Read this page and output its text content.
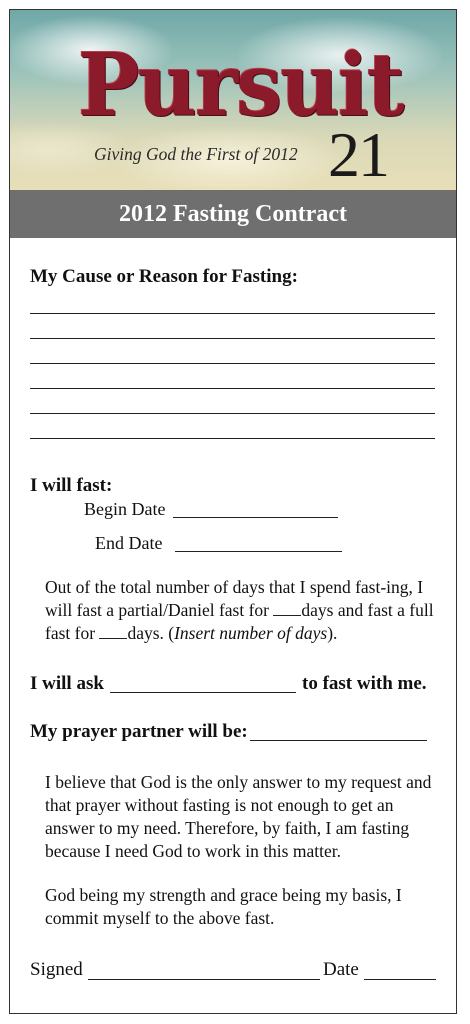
Pursuit
Giving God the First of 2012 21
2012 Fasting Contract
My Cause or Reason for Fasting:
I will fast:
Begin Date
End Date
Out of the total number of days that I spend fast-ing, I will fast a partial/Daniel fast for days and fast a full fast for days. (Insert number of days).
I will ask	to fast with me.
My prayer partner will be:
I believe that God is the only answer to my request and that prayer without fasting is not enough to get an answer to my need. Therefore, by faith, I am fasting because I need God to work in this matter.
God being my strength and grace being my basis, I commit myself to the above fast.
Signed	Date
